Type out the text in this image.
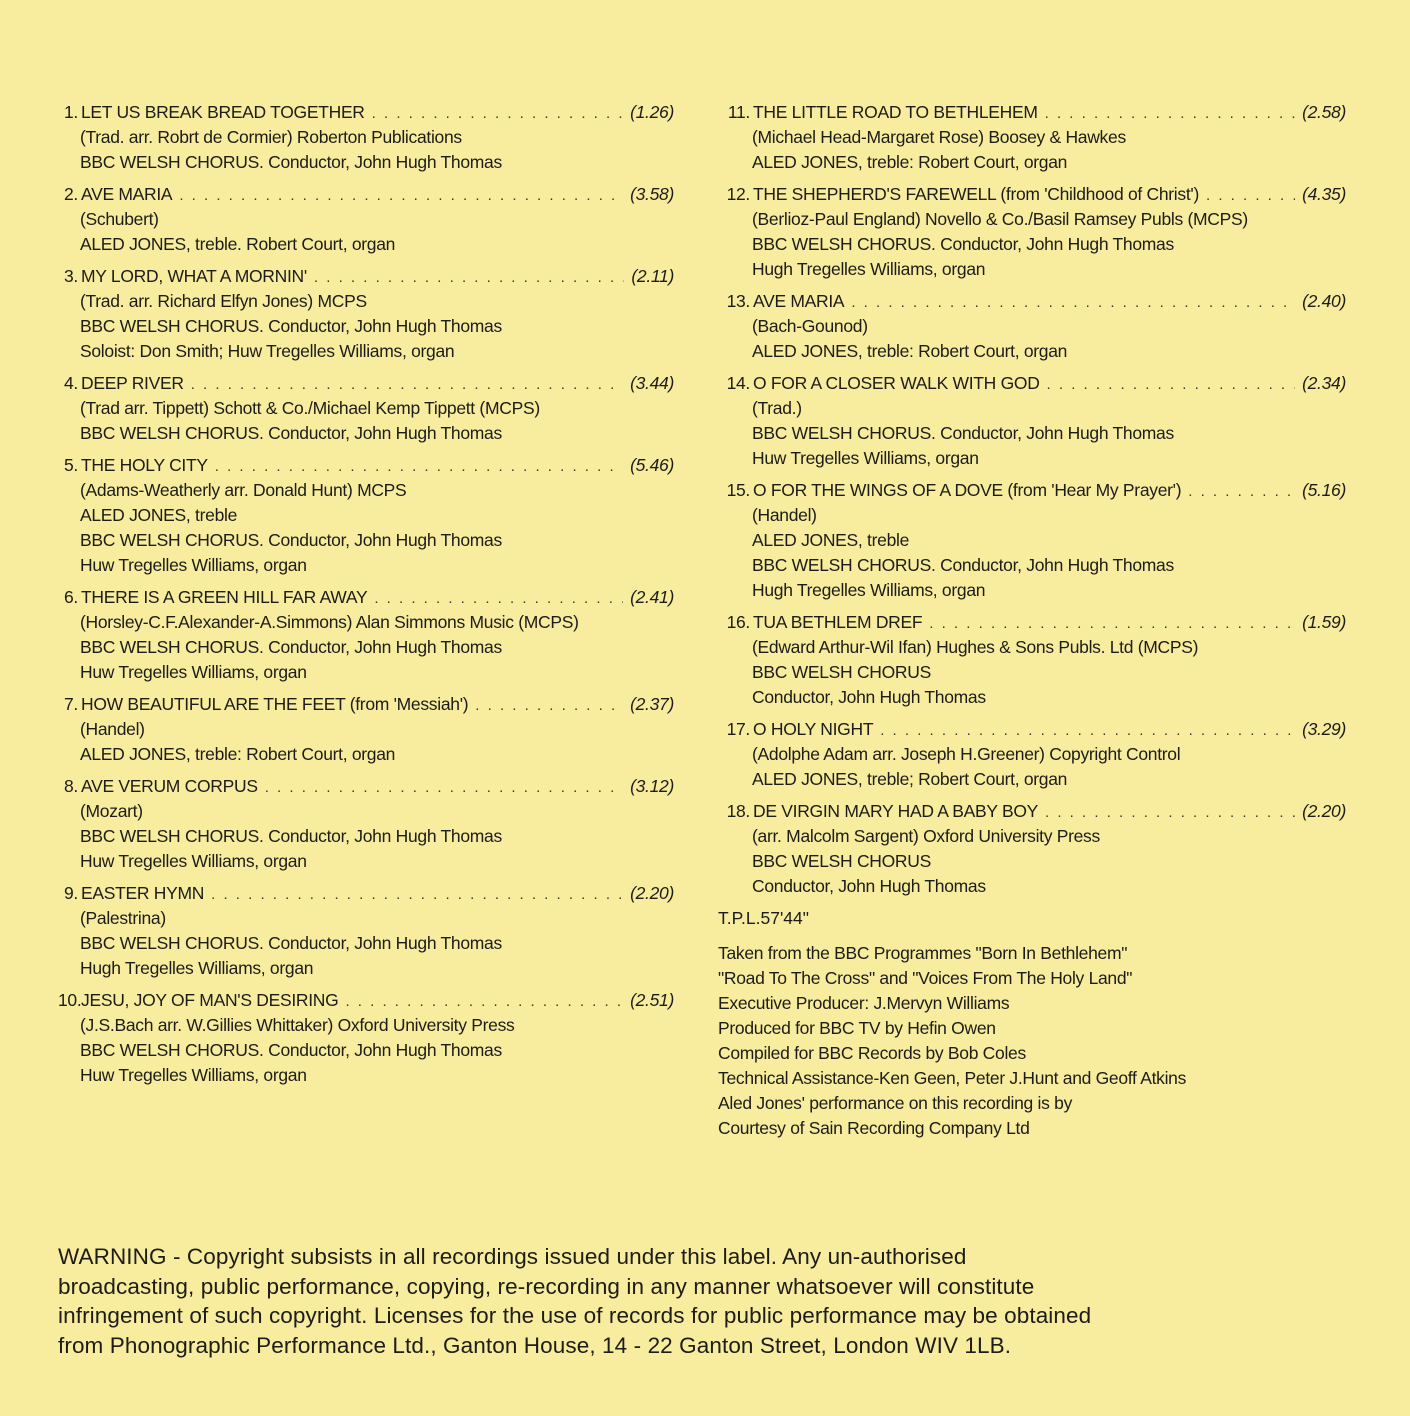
1. LET US BREAK BREAD TOGETHER . . .	(1.26)
(Trad. arr. Robrt de Cormier) Roberton Publications
BBC WELSH CHORUS. Conductor, John Hugh Thomas
2. AVE MARIA . . .	(3.58)
(Schubert)
ALED JONES, treble. Robert Court, organ
3. MY LORD, WHAT A MORNIN' . . .	(2.11)
(Trad. arr. Richard Elfyn Jones) MCPS
BBC WELSH CHORUS. Conductor, John Hugh Thomas
Soloist: Don Smith; Huw Tregelles Williams, organ
4. DEEP RIVER . . .	(3.44)
(Trad arr. Tippett) Schott & Co./Michael Kemp Tippett (MCPS)
BBC WELSH CHORUS. Conductor, John Hugh Thomas
5. THE HOLY CITY . . .	(5.46)
(Adams-Weatherly arr. Donald Hunt) MCPS
ALED JONES, treble
BBC WELSH CHORUS. Conductor, John Hugh Thomas
Huw Tregelles Williams, organ
6. THERE IS A GREEN HILL FAR AWAY . . .	(2.41)
(Horsley-C.F.Alexander-A.Simmons) Alan Simmons Music (MCPS)
BBC WELSH CHORUS. Conductor, John Hugh Thomas
Huw Tregelles Williams, organ
7. HOW BEAUTIFUL ARE THE FEET (from 'Messiah') . . .	(2.37)
(Handel)
ALED JONES, treble: Robert Court, organ
8. AVE VERUM CORPUS . . .	(3.12)
(Mozart)
BBC WELSH CHORUS. Conductor, John Hugh Thomas
Huw Tregelles Williams, organ
9. EASTER HYMN . . .	(2.20)
(Palestrina)
BBC WELSH CHORUS. Conductor, John Hugh Thomas
Hugh Tregelles Williams, organ
10. JESU, JOY OF MAN'S DESIRING . . .	(2.51)
(J.S.Bach arr. W.Gillies Whittaker) Oxford University Press
BBC WELSH CHORUS. Conductor, John Hugh Thomas
Huw Tregelles Williams, organ
11. THE LITTLE ROAD TO BETHLEHEM . . .	(2.58)
(Michael Head-Margaret Rose) Boosey & Hawkes
ALED JONES, treble: Robert Court, organ
12. THE SHEPHERD'S FAREWELL (from 'Childhood of Christ') . . .	(4.35)
(Berlioz-Paul England) Novello & Co./Basil Ramsey Publs (MCPS)
BBC WELSH CHORUS. Conductor, John Hugh Thomas
Hugh Tregelles Williams, organ
13. AVE MARIA . . .	(2.40)
(Bach-Gounod)
ALED JONES, treble: Robert Court, organ
14. O FOR A CLOSER WALK WITH GOD . . .	(2.34)
(Trad.)
BBC WELSH CHORUS. Conductor, John Hugh Thomas
Huw Tregelles Williams, organ
15. O FOR THE WINGS OF A DOVE (from 'Hear My Prayer') . . .	(5.16)
(Handel)
ALED JONES, treble
BBC WELSH CHORUS. Conductor, John Hugh Thomas
Hugh Tregelles Williams, organ
16. TUA BETHLEM DREF . . .	(1.59)
(Edward Arthur-Wil Ifan) Hughes & Sons Publs. Ltd (MCPS)
BBC WELSH CHORUS
Conductor, John Hugh Thomas
17. O HOLY NIGHT . . .	(3.29)
(Adolphe Adam arr. Joseph H.Greener) Copyright Control
ALED JONES, treble; Robert Court, organ
18. DE VIRGIN MARY HAD A BABY BOY . . .	(2.20)
(arr. Malcolm Sargent) Oxford University Press
BBC WELSH CHORUS
Conductor, John Hugh Thomas
T.P.L.57'44"
Taken from the BBC Programmes "Born In Bethlehem"
"Road To The Cross" and "Voices From The Holy Land"
Executive Producer: J.Mervyn Williams
Produced for BBC TV by Hefin Owen
Compiled for BBC Records by Bob Coles
Technical Assistance-Ken Geen, Peter J.Hunt and Geoff Atkins
Aled Jones' performance on this recording is by
Courtesy of Sain Recording Company Ltd
WARNING - Copyright subsists in all recordings issued under this label. Any un-authorised
broadcasting, public performance, copying, re-recording in any manner whatsoever will constitute
infringement of such copyright. Licenses for the use of records for public performance may be obtained
from Phonographic Performance Ltd., Ganton House, 14 - 22 Ganton Street, London WIV 1LB.
